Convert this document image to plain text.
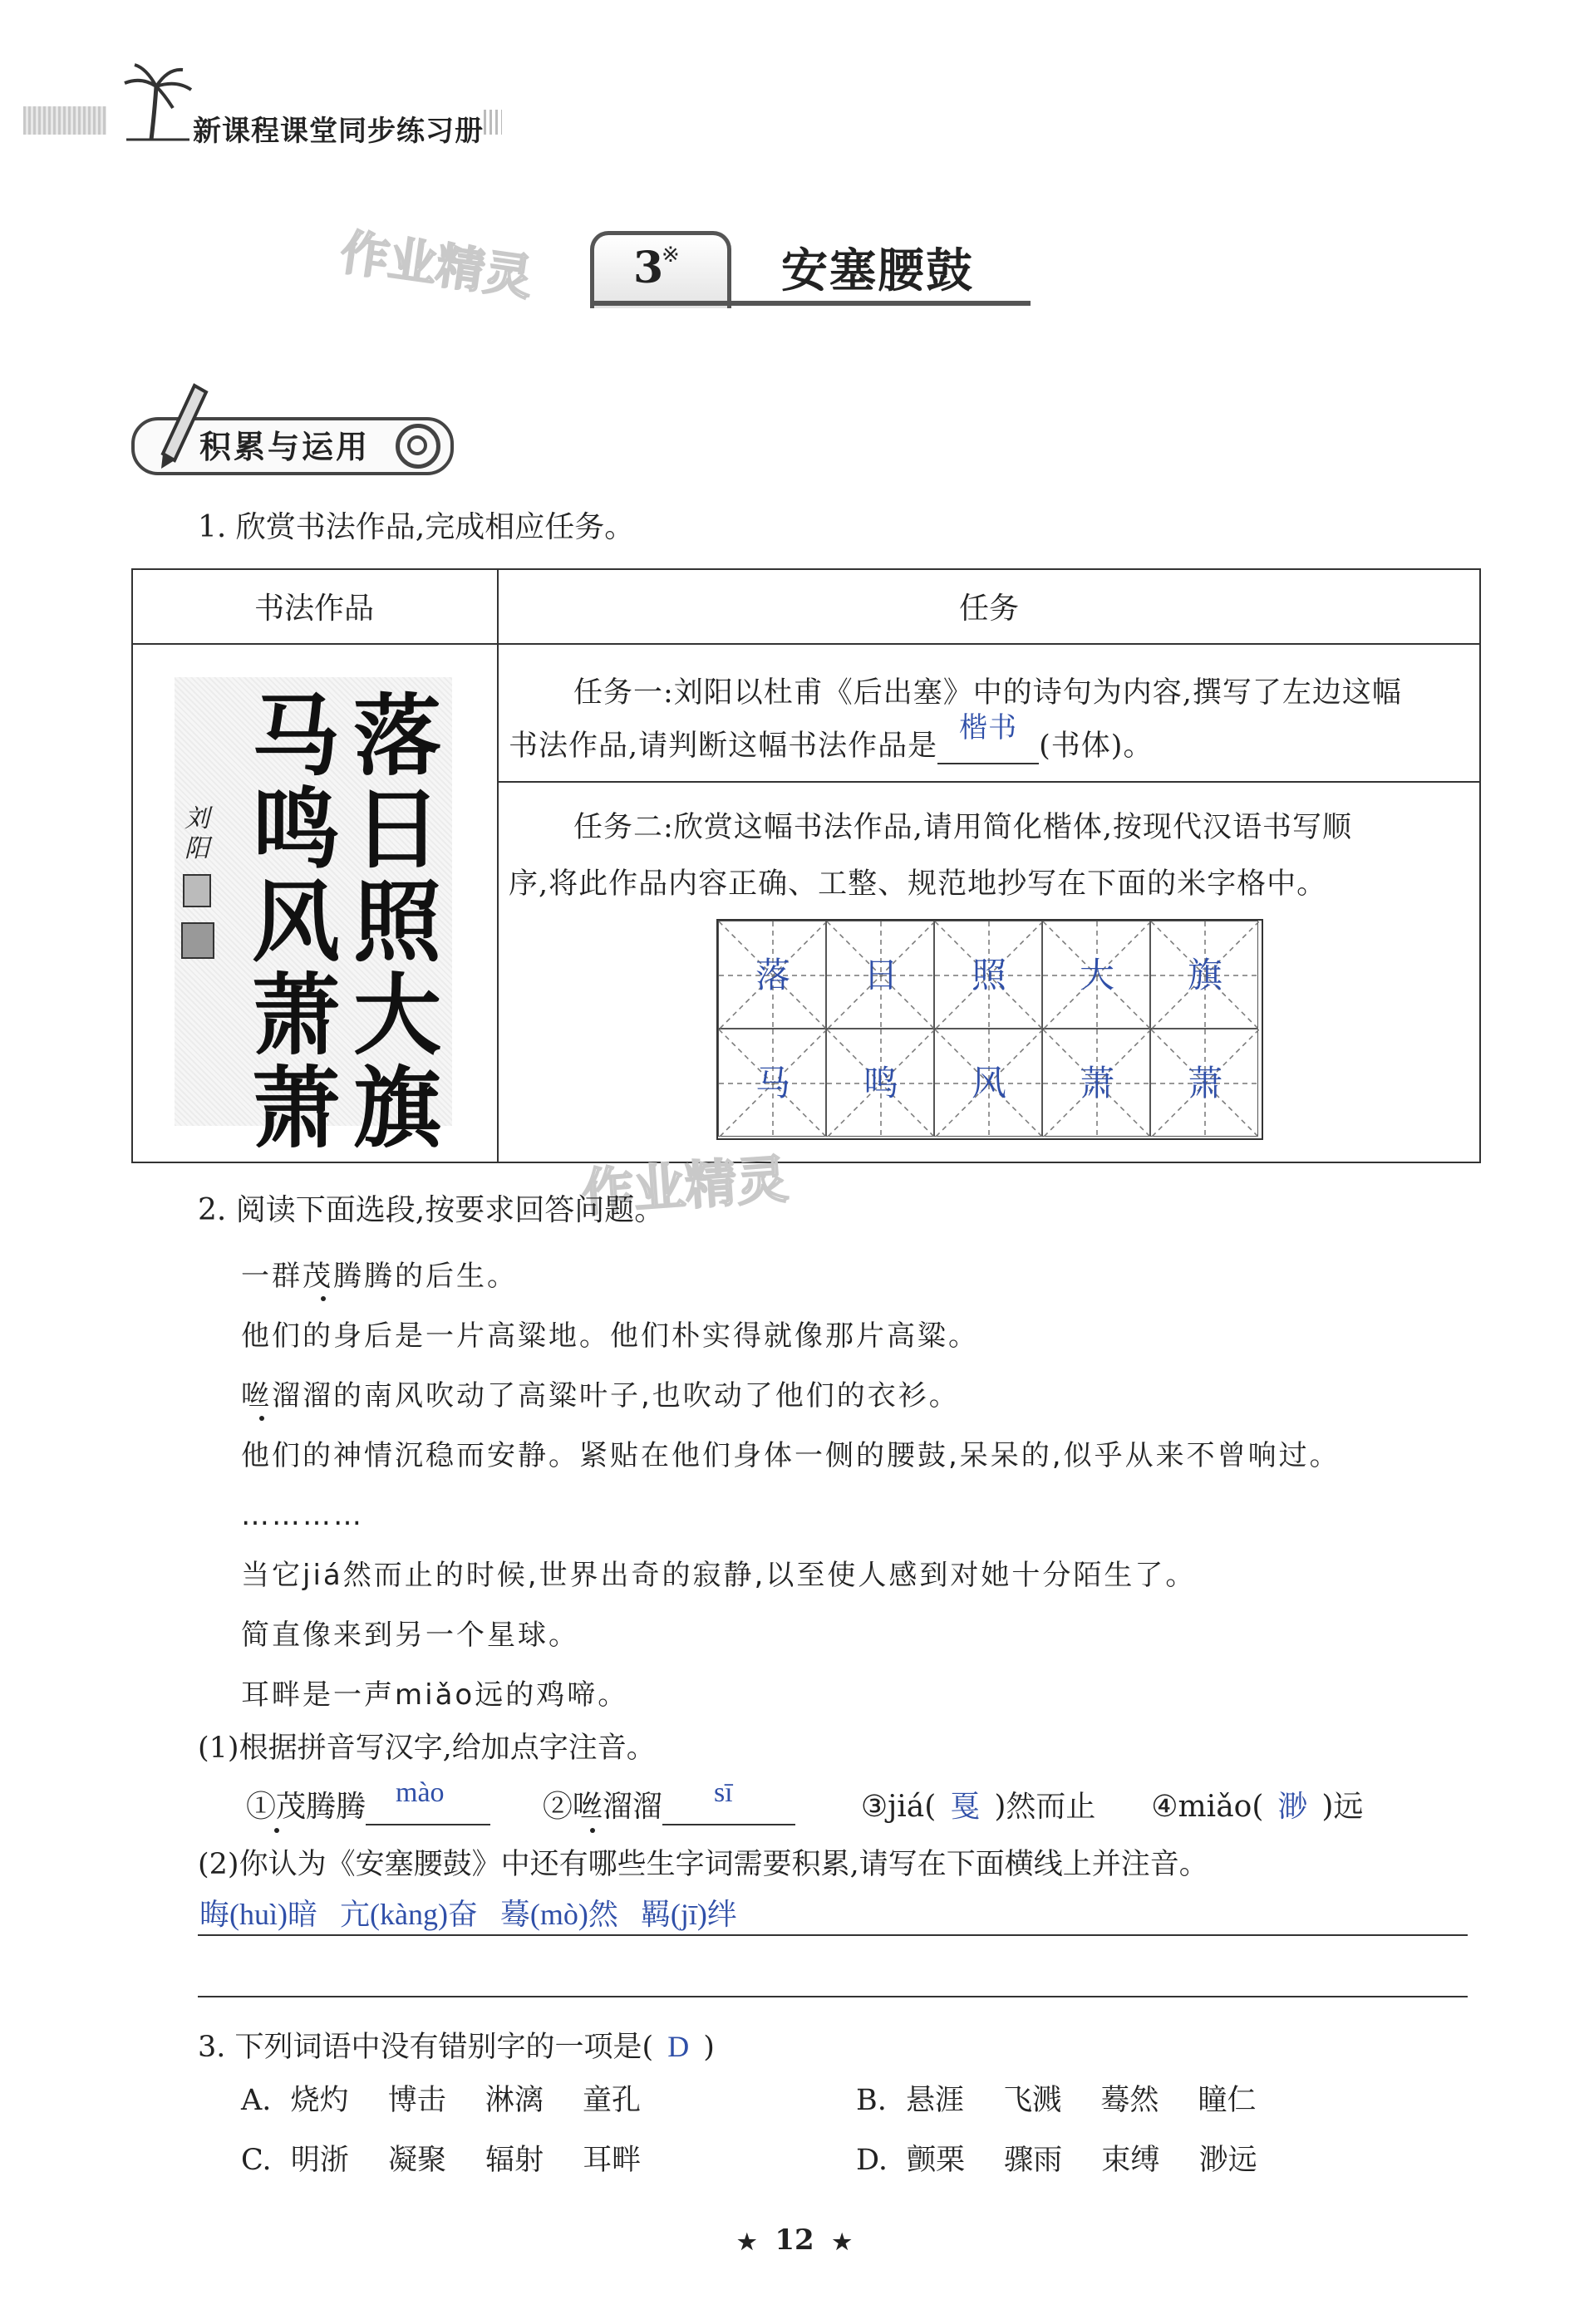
新课程课堂同步练习册
作业精灵 3
※ 安塞腰鼓
积累与运用
1. 欣赏书法作品,完成相应任务。
书法作品	任务
落
日
照
大
旗
马
鸣
风
萧
萧
刘阳
任务一:刘阳以杜甫《后出塞》中的诗句为内容,撰写了左边这幅
书法作品,请判断这幅书法作品是
楷书
(书体)。
任务二:欣赏这幅书法作品,请用简化楷体,按现代汉语书写顺
序,将此作品内容正确、工整、规范地抄写在下面的米字格中。
落	日	照	大	旗
马	鸣	风	萧	萧
作业精灵
2. 阅读下面选段,按要求回答问题。
一群茂腾腾的后生。
他们的身后是一片高粱地。他们朴实得就像那片高粱。
咝溜溜的南风吹动了高粱叶子,也吹动了他们的衣衫。
他们的神情沉稳而安静。紧贴在他们身体一侧的腰鼓,呆呆的,似乎从来不曾响过。
…………
当它jiá然而止的时候,世界出奇的寂静,以至使人感到对她十分陌生了。
简直像来到另一个星球。
耳畔是一声miǎo远的鸡啼。
(1)根据拼音写汉字,给加点字注音。
①茂腾腾 mào	②咝溜溜 sī	③jiá( 戛 )然而止 ④miǎo( 渺 )远
(2)你认为《安塞腰鼓》中还有哪些生字词需要积累,请写在下面横线上并注音。
晦(huì)暗   亢(kàng)奋   蓦(mò)然   羁(jī)绊
3. 下列词语中没有错别字的一项是( D )
A. 烧灼 博击 淋漓 童孔	B. 悬涯 飞溅 蓦然 瞳仁
C. 明浙 凝聚 辐射 耳畔	D. 颤栗 骤雨 束缚 渺远
★ 12 ★
